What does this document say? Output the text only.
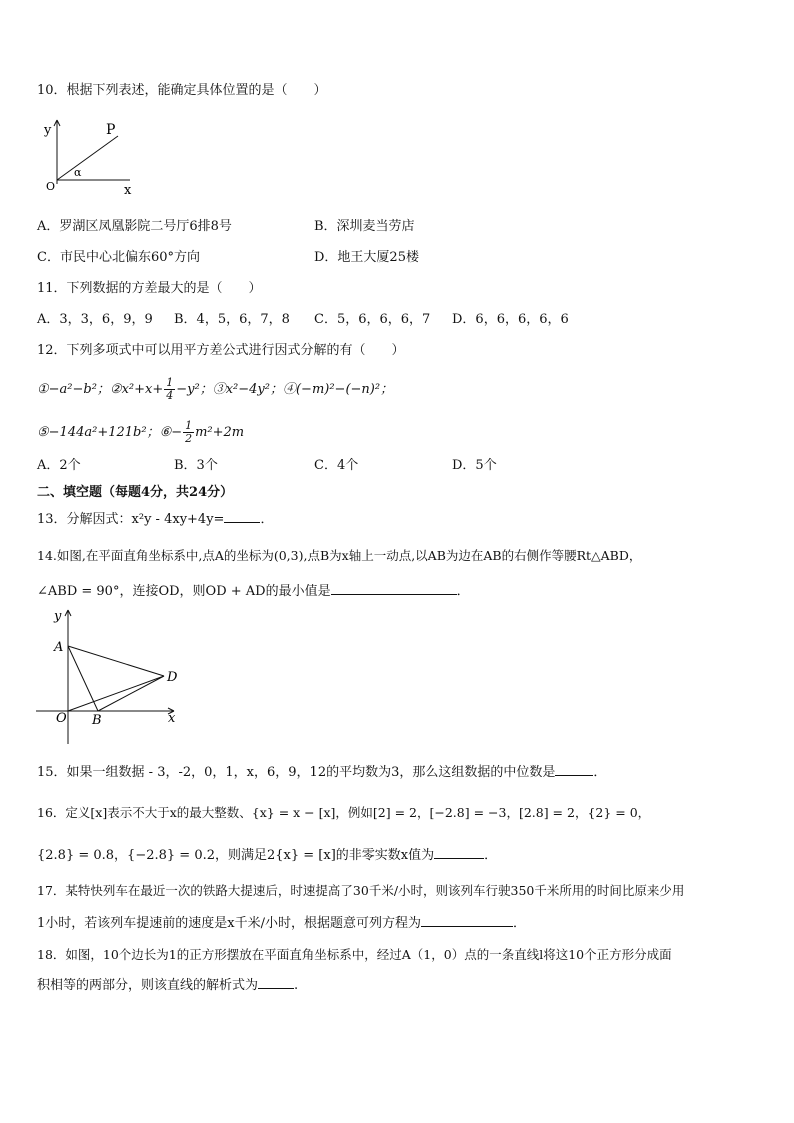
10．根据下列表述，能确定具体位置的是（　　）
y	P
O
α
x
A．罗湖区凤凰影院二号厅6排8号	B．深圳麦当劳店
C．市民中心北偏东60°方向	D．地王大厦25楼
11．下列数据的方差最大的是（　　）
A．3，3，6，9，9 B．4，5，6，7，8 C．5，6，6，6，7 D．6，6，6，6，6
12．下列多项式中可以用平方差公式进行因式分解的有（　　）
①−a²−b²；②x²+x+ $\frac{1}{4} -y^2$；③x²−4y²；④(−m)²−(−n)²；
⑤−144a²+121b²；⑥− $\frac{1}{2} m^2+2m$
A．2个	B．3个	C．4个	D．5个
二、填空题（每题4分，共24分）
13．分解因式：x²y - 4xy+4y=	．
14.如图,在平面直角坐标系中,点A的坐标为(0,3),点B为x轴上一动点,以AB为边在AB的右侧作等腰Rt△ABD，
∠ABD = 90°，连接OD，则OD + AD的最小值是	．
y
A
D
O B	x
15．如果一组数据 - 3，-2，0，1，x，6，9，12的平均数为3，那么这组数据的中位数是	．
16．定义[x]表示不大于x的最大整数、{x} = x − [x]，例如[2] = 2，[−2.8] = −3，[2.8] = 2，{2} = 0，
{2.8} = 0.8，{−2.8} = 0.2，则满足2{x} = [x]的非零实数x值为	．
17．某特快列车在最近一次的铁路大提速后，时速提高了30千米/小时，则该列车行驶350千米所用的时间比原来少用
1小时，若该列车提速前的速度是x千米/小时，根据题意可列方程为	．
18．如图，10个边长为1的正方形摆放在平面直角坐标系中，经过A（1，0）点的一条直线l将这10个正方形分成面
积相等的两部分，则该直线的解析式为	.
